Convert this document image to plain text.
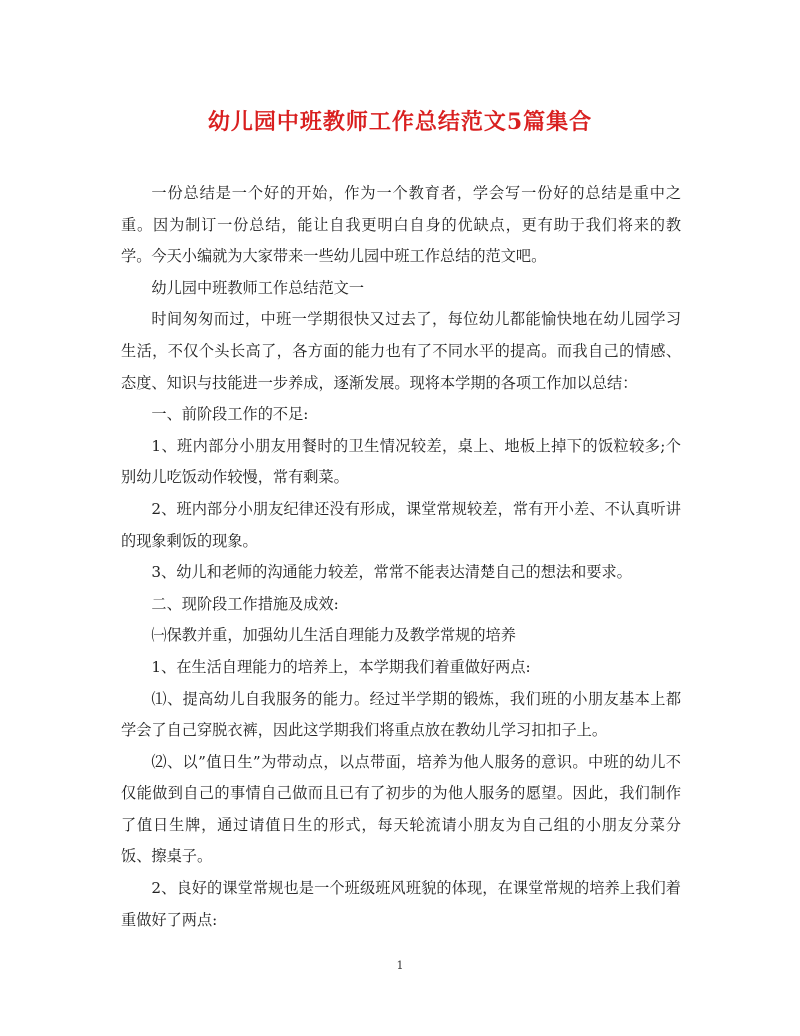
幼儿园中班教师工作总结范文5篇集合

一份总结是一个好的开始，作为一个教育者，学会写一份好的总结是重中之重。因为制订一份总结，能让自我更明白自身的优缺点，更有助于我们将来的教学。今天小编就为大家带来一些幼儿园中班工作总结的范文吧。

幼儿园中班教师工作总结范文一

时间匆匆而过，中班一学期很快又过去了，每位幼儿都能愉快地在幼儿园学习生活，不仅个头长高了，各方面的能力也有了不同水平的提高。而我自己的情感、态度、知识与技能进一步养成，逐渐发展。现将本学期的各项工作加以总结：

一、前阶段工作的不足:

1、班内部分小朋友用餐时的卫生情况较差，桌上、地板上掉下的饭粒较多;个别幼儿吃饭动作较慢，常有剩菜。

2、班内部分小朋友纪律还没有形成，课堂常规较差，常有开小差、不认真听讲的现象剩饭的现象。

3、幼儿和老师的沟通能力较差，常常不能表达清楚自己的想法和要求。

二、现阶段工作措施及成效:

㈠保教并重，加强幼儿生活自理能力及教学常规的培养

1、在生活自理能力的培养上，本学期我们着重做好两点:

⑴、提高幼儿自我服务的能力。经过半学期的锻炼，我们班的小朋友基本上都学会了自己穿脱衣裤，因此这学期我们将重点放在教幼儿学习扣扣子上。

⑵、以”值日生”为带动点，以点带面，培养为他人服务的意识。中班的幼儿不仅能做到自己的事情自己做而且已有了初步的为他人服务的愿望。因此，我们制作了值日生牌，通过请值日生的形式，每天轮流请小朋友为自己组的小朋友分菜分饭、擦桌子。

2、良好的课堂常规也是一个班级班风班貌的体现，在课堂常规的培养上我们着重做好了两点:

1
